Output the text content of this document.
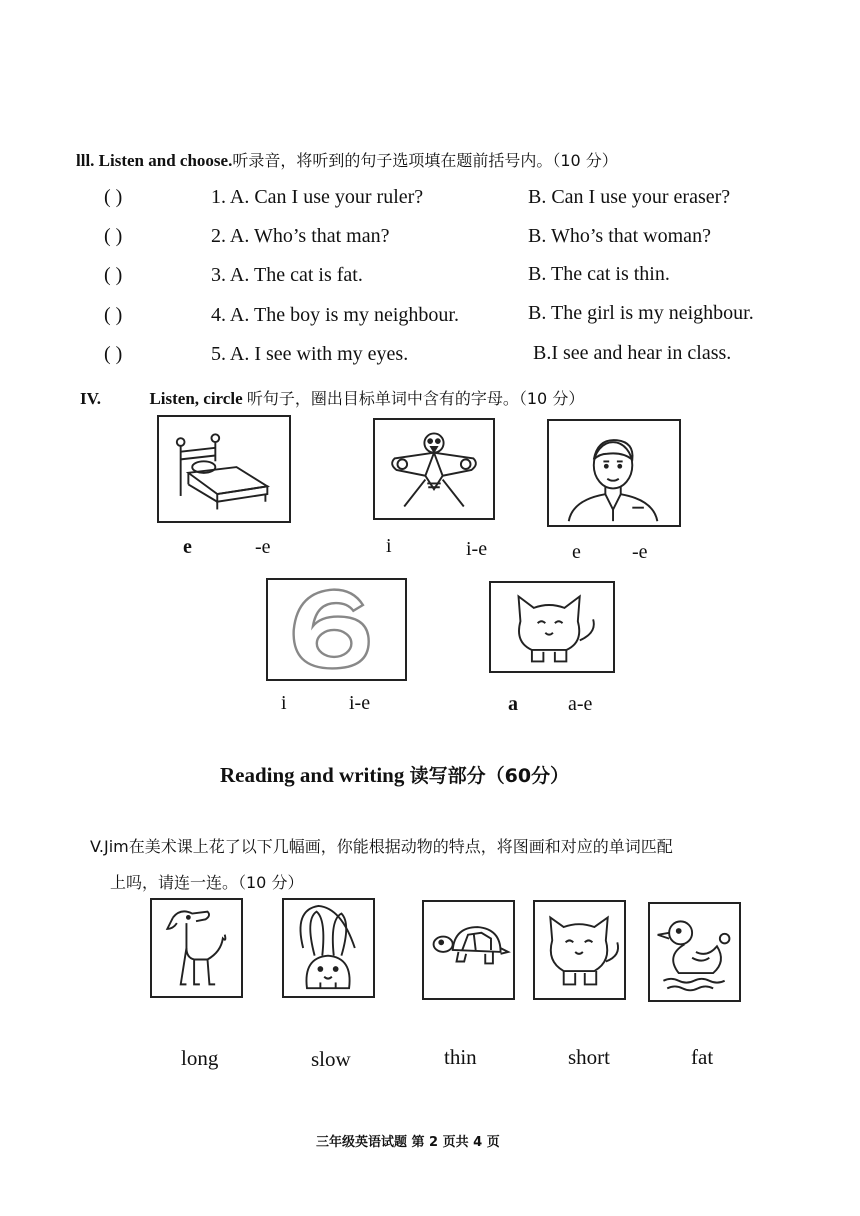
lll. Listen and choose.听录音，将听到的句子选项填在题前括号内。（10 分）
( )	1. A. Can I use your ruler?	B. Can I use your eraser?
( )	2. A. Who’s that man?	B. Who’s that woman?
( )	3. A. The cat is fat.	B. The cat is thin.
( )	4. A. The boy is my neighbour.	B. The girl is my neighbour.
( )	5. A. I see with my eyes.	B.I see and hear in class.
IV.	Listen, circle 听句子，圈出目标单词中含有的字母。（10 分）
e	-e	i	i-e	e	-e
i	i-e	a	a-e
Reading and writing 读写部分（60分）
V.Jim在美术课上花了以下几幅画，你能根据动物的特点，将图画和对应的单词匹配
上吗，请连一连。（10 分）
long	slow	thin	short	fat
三年级英语试题 第 2 页共 4 页
